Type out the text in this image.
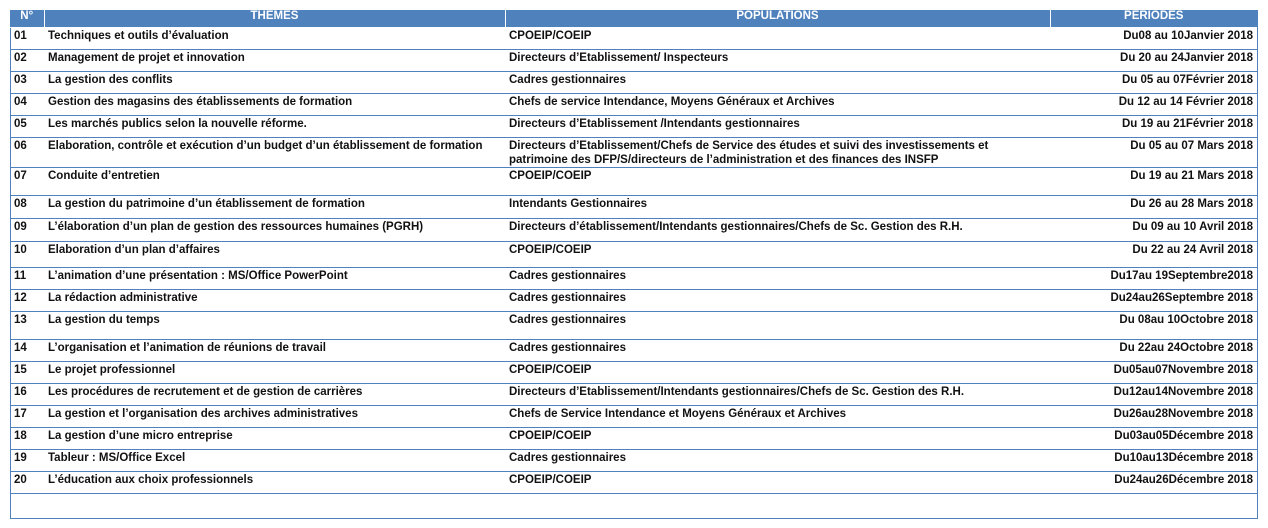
N°	THEMES	POPULATIONS	PERIODES
01	Techniques et outils d’évaluation	CPOEIP/COEIP	Du08 au 10Janvier 2018
02	Management de projet et innovation	Directeurs d’Etablissement/ Inspecteurs	Du 20 au 24Janvier 2018
03	La gestion des conflits	Cadres gestionnaires	Du 05 au 07Février 2018
04	Gestion des magasins des établissements de formation	Chefs de service Intendance, Moyens Généraux et Archives	Du 12 au 14 Février 2018
05	Les marchés publics selon la nouvelle réforme.	Directeurs d’Etablissement /Intendants gestionnaires	Du 19 au 21Février 2018
06	Elaboration, contrôle et exécution d’un budget d’un établissement de formation	Directeurs d’Etablissement/Chefs de Service des études et suivi des investissements et patrimoine des DFP/S/directeurs de l’administration et des finances des INSFP	Du 05 au 07 Mars 2018
07	Conduite d’entretien	CPOEIP/COEIP	Du 19 au 21 Mars 2018
08	La gestion du patrimoine d’un établissement de formation	Intendants Gestionnaires	Du 26 au 28 Mars 2018
09	L’élaboration d’un plan de gestion des ressources humaines (PGRH)	Directeurs d’établissement/Intendants gestionnaires/Chefs de Sc. Gestion des R.H.	Du 09 au 10 Avril 2018
10	Elaboration d’un plan d’affaires	CPOEIP/COEIP	Du 22 au 24 Avril 2018
11	L’animation d’une présentation : MS/Office PowerPoint	Cadres gestionnaires	Du17au 19Septembre2018
12	La rédaction administrative	Cadres gestionnaires	Du24au26Septembre 2018
13	La gestion du temps	Cadres gestionnaires	Du 08au 10Octobre 2018
14	L’organisation et l’animation de réunions de travail	Cadres gestionnaires	Du 22au 24Octobre 2018
15	Le projet professionnel	CPOEIP/COEIP	Du05au07Novembre 2018
16	Les procédures de recrutement et de gestion de carrières	Directeurs d’Etablissement/Intendants gestionnaires/Chefs de Sc. Gestion des R.H.	Du12au14Novembre 2018
17	La gestion et l’organisation des archives administratives	Chefs de Service Intendance et Moyens Généraux et Archives	Du26au28Novembre 2018
18	La gestion d’une micro entreprise	CPOEIP/COEIP	Du03au05Décembre 2018
19	Tableur : MS/Office Excel	Cadres gestionnaires	Du10au13Décembre 2018
20	L’éducation aux choix professionnels	CPOEIP/COEIP	Du24au26Décembre 2018
